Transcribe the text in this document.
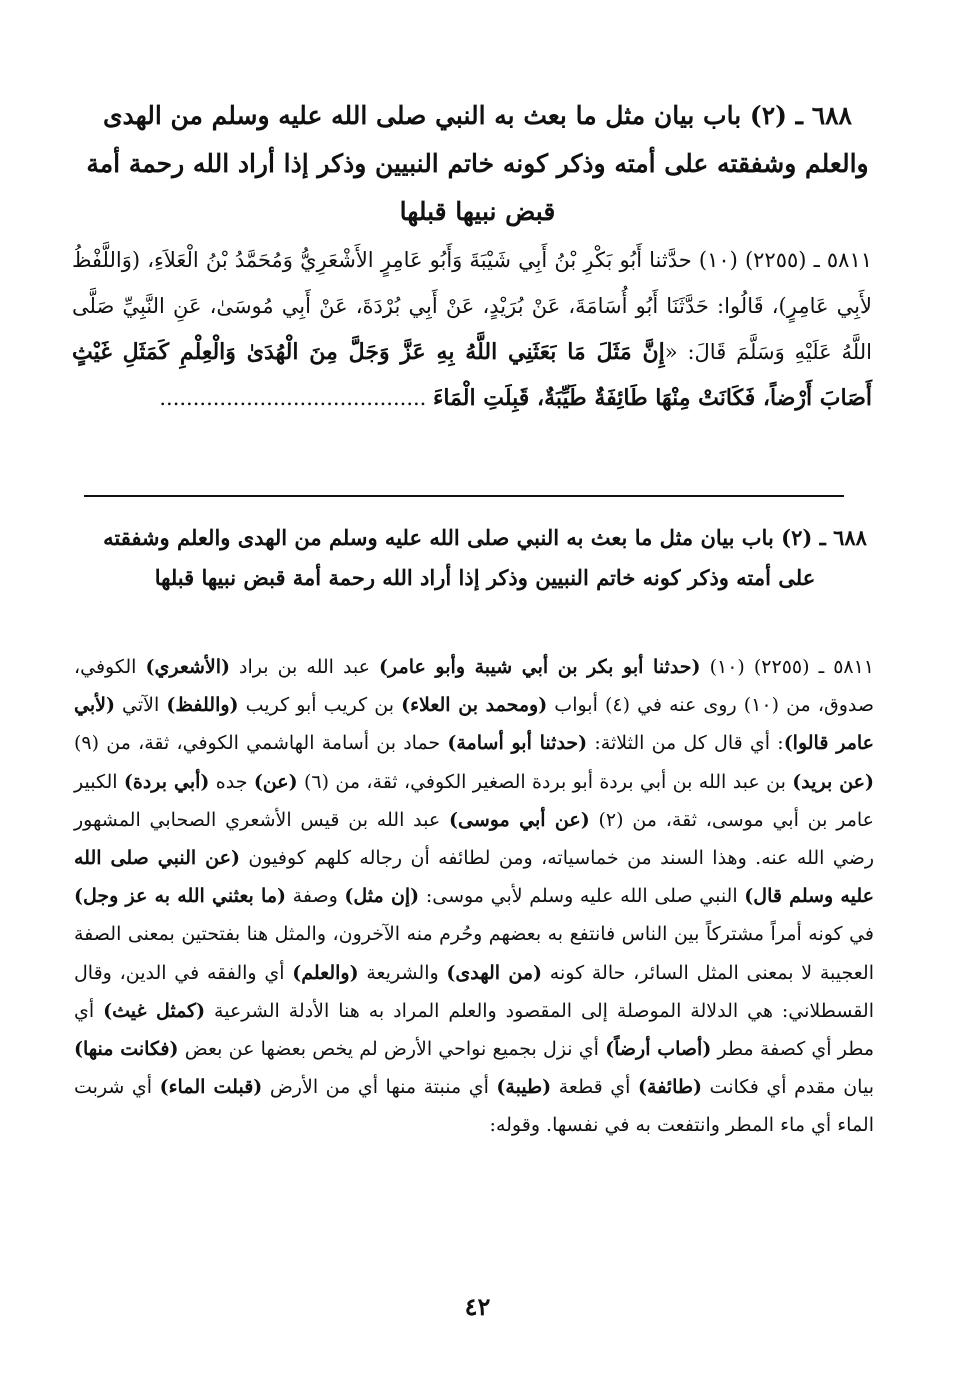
٦٨٨ ـ (٢) باب بيان مثل ما بعث به النبي صلى الله عليه وسلم من الهدى والعلم وشفقته على أمته وذكر كونه خاتم النبيين وذكر إذا أراد الله رحمة أمة قبض نبيها قبلها
٥٨١١ ـ (٢٢٥٥) (١٠) حدَّثنا أَبُو بَكْرِ بْنُ أَبِي شَيْبَةَ وَأَبُو عَامِرٍ الأَشْعَرِيُّ وَمُحَمَّدُ بْنُ الْعَلاَءِ، (وَاللَّفْظُ لأَبِي عَامِرٍ)، قَالُوا: حَدَّثَنَا أَبُو أُسَامَةَ، عَنْ بُرَيْدٍ، عَنْ أَبِي بُرْدَةَ، عَنْ أَبِي مُوسَىٰ، عَنِ النَّبِيِّ صَلَّى اللَّهُ عَلَيْهِ وَسَلَّمَ قَالَ: «إِنَّ مَثَلَ مَا بَعَثَنِي اللَّهُ بِهِ عَزَّ وَجَلَّ مِنَ الْهُدَىٰ وَالْعِلْمِ كَمَثَلِ غَيْثٍ أَصَابَ أَرْضاً، فَكَانَتْ مِنْهَا طَائِفَةٌ طَيِّبَةٌ، قَبِلَتِ الْمَاءَ ........................................
٦٨٨ ـ (٢) باب بيان مثل ما بعث به النبي صلى الله عليه وسلم من الهدى والعلم وشفقته على أمته وذكر كونه خاتم النبيين وذكر إذا أراد الله رحمة أمة قبض نبيها قبلها
٥٨١١ ـ (٢٢٥٥) (١٠) (حدثنا أبو بكر بن أبي شيبة وأبو عامر) عبد الله بن براد (الأشعري) الكوفي، صدوق، من (١٠) روى عنه في (٤) أبواب (ومحمد بن العلاء) بن كريب أبو كريب (واللفظ) الآتي (لأبي عامر قالوا): أي قال كل من الثلاثة: (حدثنا أبو أسامة) حماد بن أسامة الهاشمي الكوفي، ثقة، من (٩) (عن بريد) بن عبد الله بن أبي بردة أبو بردة الصغير الكوفي، ثقة، من (٦) (عن) جده (أبي بردة) الكبير عامر بن أبي موسى، ثقة، من (٢) (عن أبي موسى) عبد الله بن قيس الأشعري الصحابي المشهور رضي الله عنه. وهذا السند من خماسياته، ومن لطائفه أن رجاله كلهم كوفيون (عن النبي صلى الله عليه وسلم قال) النبي صلى الله عليه وسلم لأبي موسى: (إن مثل) وصفة (ما بعثني الله به عز وجل) في كونه أمراً مشتركاً بين الناس فانتفع به بعضهم وحُرم منه الآخرون، والمثل هنا بفتحتين بمعنى الصفة العجيبة لا بمعنى المثل السائر، حالة كونه (من الهدى) والشريعة (والعلم) أي والفقه في الدين، وقال القسطلاني: هي الدلالة الموصلة إلى المقصود والعلم المراد به هنا الأدلة الشرعية (كمثل غيث) أي مطر أي كصفة مطر (أصاب أرضاً) أي نزل بجميع نواحي الأرض لم يخص بعضها عن بعض (فكانت منها) بيان مقدم أي فكانت (طائفة) أي قطعة (طيبة) أي منبتة منها أي من الأرض (قبلت الماء) أي شربت الماء أي ماء المطر وانتفعت به في نفسها. وقوله:
٤٢
